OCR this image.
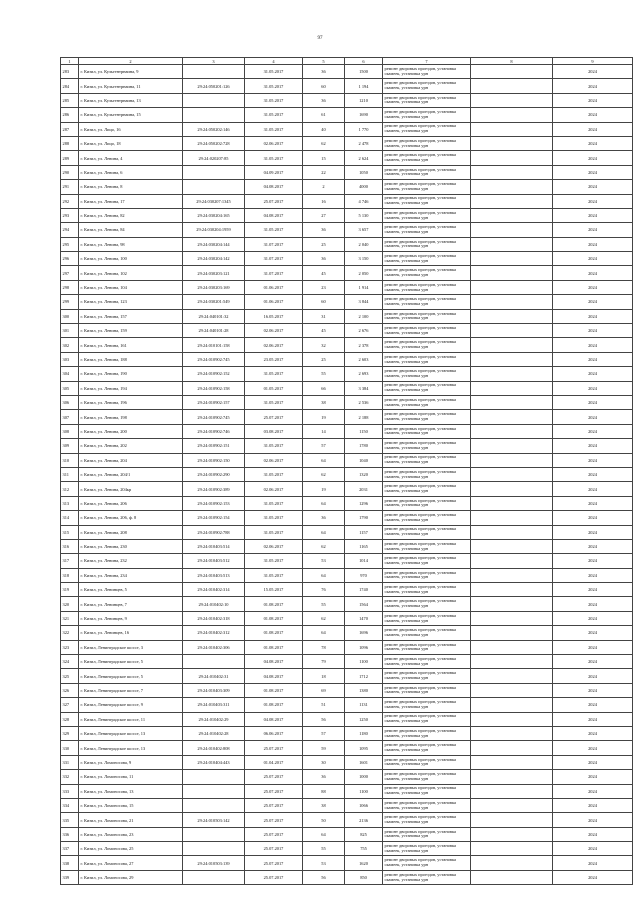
97
1	2	3	4	5	6	7	8	9
283	г. Кизил, ул. Кульгентрнаина, 9		31.05.2017	36	1500	ремонт дворовых проездов, установка скамеек, установка урн		2024
284	г. Кизил, ул. Кульгентрнаина, 11	29:24:050201:126	31.05.2017	60	1 194	ремонт дворовых проездов, установка скамеек, установка урн		2024
285	г. Кизил, ул. Кульгентрнаина, 13		31.05.2017	36	1210	ремонт дворовых проездов, установка скамеек, установка урн		2024
286	г. Кизил, ул. Кульгентрнаина, 15		31.05.2017	61	1690	ремонт дворовых проездов, установка скамеек, установка урн		2024
287	г. Кизил, ул. Лицо, 16	29:24:050202:146	31.05.2017	40	1 770	ремонт дворовых проездов, установка скамеек, установка урн		2024
288	г. Кизил, ул. Лицо, 18	29:24:050202:728	02.06.2017	62	2 478	ремонт дворовых проездов, установка скамеек, установка урн		2024
289	г. Кизил, ул. Ленина, 4	29:24:020207:85	31.05.2017	15	2 624	ремонт дворовых проездов, установка скамеек, установка урн		2024
290	г. Кизил, ул. Ленина, 6		04.09.2017	22	1050	ремонт дворовых проездов, установка скамеек, установка урн		2024
291	г. Кизил, ул. Ленина, 8		04.08.2017	2	4000	ремонт дворовых проездов, установка скамеек, установка урн		2024
292	г. Кизил, ул. Ленина, 17	29:24:030207:1345	25.07.2017	16	4 746	ремонт дворовых проездов, установка скамеек, установка урн		2024
293	г. Кизил, ул. Ленина, 82	29:24:030204:165	04.08.2017	27	5 130	ремонт дворовых проездов, установка скамеек, установка урн		2024
294	г. Кизил, ул. Ленина, 84	29:24:030204:1959	31.05.2017	36	3 657	ремонт дворовых проездов, установка скамеек, установка урн		2024
295	г. Кизил, ул. Ленина, 98	29:24:030204:144	31.07.2017	25	2 040	ремонт дворовых проездов, установка скамеек, установка урн		2024
296	г. Кизил, ул. Ленина, 100	29:24:030204:142	31.07.2017	36	3 150	ремонт дворовых проездов, установка скамеек, установка урн		2024
297	г. Кизил, ул. Ленина, 102	29:24:030203:121	31.07.2017	45	2 050	ремонт дворовых проездов, установка скамеек, установка урн		2024
298	г. Кизил, ул. Ленина, 104	29:24:030203:169	01.06.2017	23	1 914	ремонт дворовых проездов, установка скамеек, установка урн		2024
299	г. Кизил, ул. Ленина, 123	29:24:030201:549	01.06.2017	60	3 844	ремонт дворовых проездов, установка скамеек, установка урн		2024
300	г. Кизил, ул. Ленина, 157	29:24:040101:32	16.05.2017	31	2 100	ремонт дворовых проездов, установка скамеек, установка урн		2024
301	г. Кизил, ул. Ленина, 159	29:24:040101:28	02.06.2017	45	2 676	ремонт дворовых проездов, установка скамеек, установка урн		2024
302	г. Кизил, ул. Ленина, 161	29:24:010101:158	02.06.2017	32	2 378	ремонт дворовых проездов, установка скамеек, установка урн		2024
303	г. Кизил, ул. Ленина, 188	29:24:010902:745	23.05.2017	25	2 603	ремонт дворовых проездов, установка скамеек, установка урн		2024
304	г. Кизил, ул. Ленина, 190	29:24:010902:152	31.05.2017	55	2 693	ремонт дворовых проездов, установка скамеек, установка урн		2024
305	г. Кизил, ул. Ленина, 194	29:24:010902:158	01.05.2017	66	3 384	ремонт дворовых проездов, установка скамеек, установка урн		2024
306	г. Кизил, ул. Ленина, 196	29:24:010902:157	31.05.2017	38	2 536	ремонт дворовых проездов, установка скамеек, установка урн		2024
307	г. Кизил, ул. Ленина, 198	29:24:010902:745	25.07.2017	19	2 188	ремонт дворовых проездов, установка скамеек, установка урн		2024
308	г. Кизил, ул. Ленина, 200	29:24:010902:746	03.08.2017	14	1150	ремонт дворовых проездов, установка скамеек, установка урн		2024
309	г. Кизил, ул. Ленина, 202	29:24:010902:151	31.05.2017	57	1780	ремонт дворовых проездов, установка скамеек, установка урн		2024
310	г. Кизил, ул. Ленина, 204	29:24:010902:150	02.06.2017	64	1040	ремонт дворовых проездов, установка скамеек, установка урн		2024
311	г. Кизил, ул. Ленина, 204/1	29:24:010902:290	31.05.2017	62	1320	ремонт дворовых проездов, установка скамеек, установка урн		2024
312	г. Кизил, ул. Ленина, 204кр	29:24:010902:389	02.06.2017	19	2031	ремонт дворовых проездов, установка скамеек, установка урн		2024
313	г. Кизил, ул. Ленина, 206	29:24:010902:153	31.05.2017	64	1296	ремонт дворовых проездов, установка скамеек, установка урн		2024
314	г. Кизил, ул. Ленина, 206, ф. 8	29:24:010902:154	31.05.2017	36	1790	ремонт дворовых проездов, установка скамеек, установка урн		2024
315	г. Кизил, ул. Ленина, 208	29:24:010902:788	31.05.2017	64	1157	ремонт дворовых проездов, установка скамеек, установка урн		2024
316	г. Кизил, ул. Ленина, 230	29:24:010403:514	02.06.2017	62	1165	ремонт дворовых проездов, установка скамеек, установка урн		2024
317	г. Кизил, ул. Ленина, 232	29:24:010403:512	31.05.2017	53	1014	ремонт дворовых проездов, установка скамеек, установка урн		2024
318	г. Кизил, ул. Ленина, 234	29:24:010403:513	31.05.2017	64	970	ремонт дворовых проездов, установка скамеек, установка урн		2024
319	г. Кизил, ул. Ленинцев, 5	29:24:010402:314	15.05.2017	76	1740	ремонт дворовых проездов, установка скамеек, установка урн		2024
320	г. Кизил, ул. Ленинцев, 7	29:24:010402:10	01.08.2017	55	1564	ремонт дворовых проездов, установка скамеек, установка урн		2024
321	г. Кизил, ул. Ленинцев, 9	29:24:010402:318	01.08.2017	62	1470	ремонт дворовых проездов, установка скамеек, установка урн		2024
322	г. Кизил, ул. Ленинцев, 16	29:24:010402:312	01.08.2017	64	1696	ремонт дворовых проездов, установка скамеек, установка урн		2024
323	г. Кизил, Ленинградское шоссе, 3	29:24:010402:306	01.08.2017	78	1096	ремонт дворовых проездов, установка скамеек, установка урн		2024
324	г. Кизил, Ленинградское шоссе, 5		04.08.2017	79	1100	ремонт дворовых проездов, установка скамеек, установка урн		2024
325	г. Кизил, Ленинградское шоссе, 5	29:24:010402:31	04.08.2017	18	1712	ремонт дворовых проездов, установка скамеек, установка урн		2024
326	г. Кизил, Ленинградское шоссе, 7	29:24:010403:309	01.08.2017	69	1380	ремонт дворовых проездов, установка скамеек, установка урн		2024
327	г. Кизил, Ленинградское шоссе, 9	29:24:010403:311	01.08.2017	51	1131	ремонт дворовых проездов, установка скамеек, установка урн		2024
328	г. Кизил, Ленинградское шоссе, 11	29:24:010402:29	04.08.2017	56	1250	ремонт дворовых проездов, установка скамеек, установка урн		2024
329	г. Кизил, Ленинградское шоссе, 13	29:24:010402:28	06.06.2017	57	1180	ремонт дворовых проездов, установка скамеек, установка урн		2024
330	г. Кизил, Ленинградское шоссе, 13	29:24:010402:808	25.07.2017	59	1095	ремонт дворовых проездов, установка скамеек, установка урн		2024
331	г. Кизил, ул. Ломоносова, 9	29:24:010404:443	01.04.2017	30	1601	ремонт дворовых проездов, установка скамеек, установка урн		2024
332	г. Кизил, ул. Ломоносова, 11		25.07.2017	36	1000	ремонт дворовых проездов, установка скамеек, установка урн		2024
333	г. Кизил, ул. Ломоносова, 13		25.07.2017	88	1100	ремонт дворовых проездов, установка скамеек, установка урн		2024
334	г. Кизил, ул. Ломоносова, 15		25.07.2017	38	1066	ремонт дворовых проездов, установка скамеек, установка урн		2024
335	г. Кизил, ул. Ломоносова, 21	29:24:010503:142	25.07.2017	50	2136	ремонт дворовых проездов, установка скамеек, установка урн		2024
336	г. Кизил, ул. Ломоносова, 23		25.07.2017	64	825	ремонт дворовых проездов, установка скамеек, установка урн		2024
337	г. Кизил, ул. Ломоносова, 25		25.07.2017	55	755	ремонт дворовых проездов, установка скамеек, установка урн		2024
338	г. Кизил, ул. Ломоносова, 27	29:24:010503:139	25.07.2017	53	1620	ремонт дворовых проездов, установка скамеек, установка урн		2024
339	г. Кизил, ул. Ломоносова, 29		25.07.2017	56	850	ремонт дворовых проездов, установка скамеек, установка урн		2024
